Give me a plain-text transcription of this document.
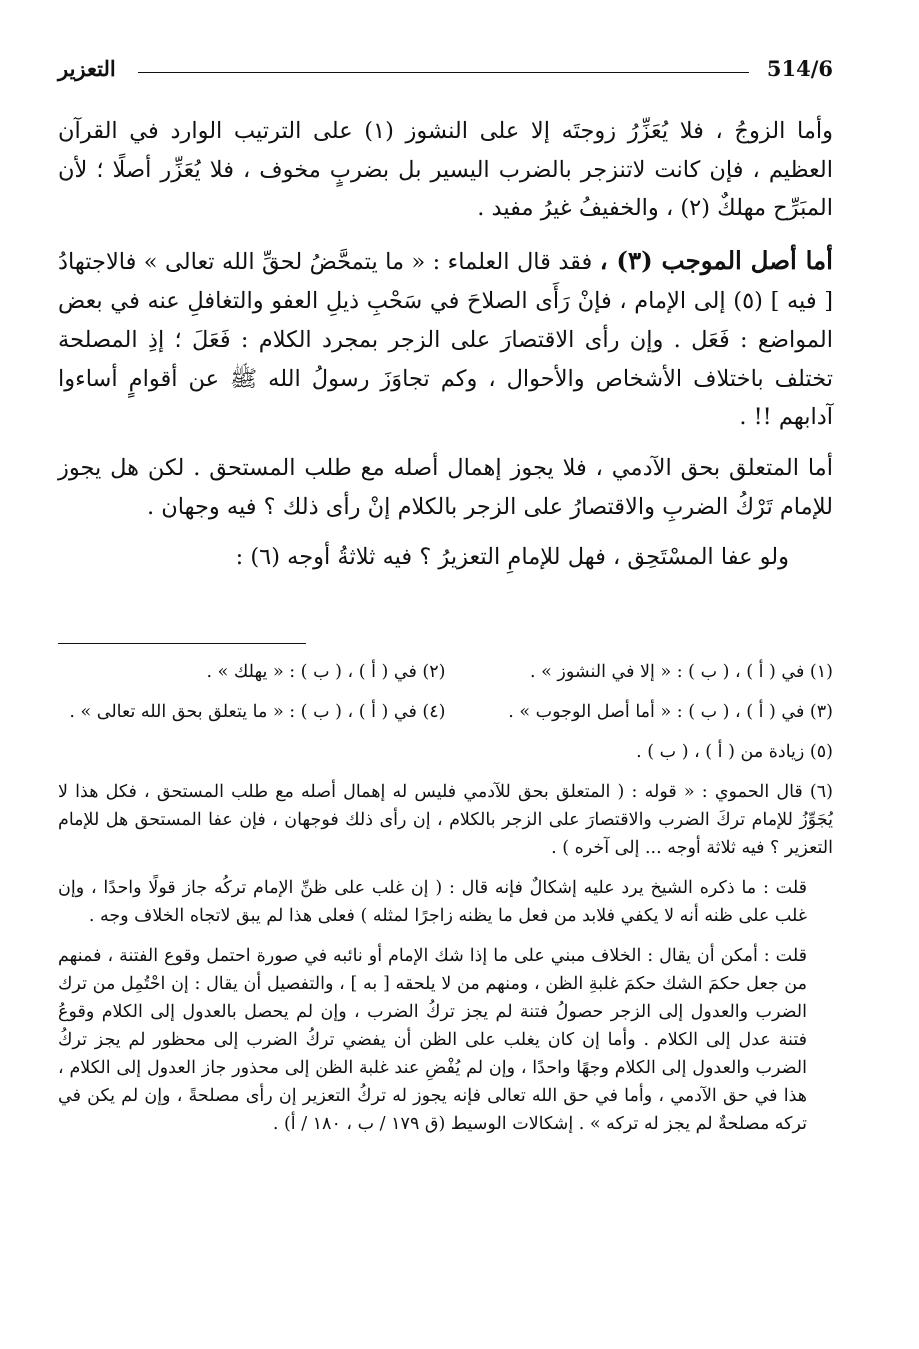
514/6
التعزير

وأما الزوجُ ، فلا يُعَزِّرُ زوجتَه إلا على النشوز (١) على الترتيب الوارد في القرآن العظيم ، فإن كانت لاتنزجر بالضرب اليسير بل بضربٍ مخوف ، فلا يُعَزِّر أصلًا ؛ لأن المبَرِّح مهلكٌ (٢) ، والخفيفُ غيرُ مفيد .

أما أصل الموجب (٣) ، فقد قال العلماء : « ما يتمحَّضُ لحقِّ الله تعالى » فالاجتهادُ [ فيه ] (٥) إلى الإمام ، فإنْ رَأَى الصلاحَ في سَحْبِ ذيلِ العفو والتغافلِ عنه في بعض المواضع : فَعَل . وإن رأى الاقتصارَ على الزجر بمجرد الكلام : فَعَلَ ؛ إذِ المصلحة تختلف باختلاف الأشخاص والأحوال ، وكم تجاوَزَ رسولُ الله ﷺ عن أقوامٍ أساءوا آدابهم !! .

أما المتعلق بحق الآدمي ، فلا يجوز إهمال أصله مع طلب المستحق . لكن هل يجوز للإمام تَرْكُ الضربِ والاقتصارُ على الزجر بالكلام إنْ رأى ذلك ؟ فيه وجهان .

ولو عفا المسْتَحِق ، فهل للإمامِ التعزيرُ ؟ فيه ثلاثةُ أوجه (٦) :

(١) في ( أ ) ، ( ب ) : « إلا في النشوز » .
(٢) في ( أ ) ، ( ب ) : « يهلك » .
(٣) في ( أ ) ، ( ب ) : « أما أصل الوجوب » .
(٤) في ( أ ) ، ( ب ) : « ما يتعلق بحق الله تعالى » .

(٥) زيادة من ( أ ) ، ( ب ) .

(٦) قال الحموي : « قوله : ( المتعلق بحق للآدمي فليس له إهمال أصله مع طلب المستحق ، فكل هذا لا يُجَوِّزُ للإمام تركَ الضرب والاقتصارَ على الزجر بالكلام ، إن رأى ذلك فوجهان ، فإن عفا المستحق هل للإمام التعزير ؟ فيه ثلاثة أوجه ... إلى آخره ) .

قلت : ما ذكره الشيخ يرد عليه إشكالٌ فإنه قال : ( إن غلب على ظنِّ الإمام تركُه جاز قولًا واحدًا ، وإن غلب على ظنه أنه لا يكفي فلابد من فعل ما يظنه زاجرًا لمثله ) فعلى هذا لم يبق لاتجاه الخلاف وجه .

قلت : أمكن أن يقال : الخلاف مبني على ما إذا شك الإمام أو نائبه في صورة احتمل وقوع الفتنة ، فمنهم من جعل حكمَ الشك حكمَ غلبةِ الظن ، ومنهم من لا يلحقه [ به ] ، والتفصيل أن يقال : إن احْتُمِل من ترك الضرب والعدول إلى الزجر حصولُ فتنة لم يجز تركُ الضرب ، وإن لم يحصل بالعدول إلى الكلام وقوعُ فتنة عدل إلى الكلام . وأما إن كان يغلب على الظن أن يفضي تركُ الضرب إلى محظور لم يجز تركُ الضرب والعدول إلى الكلام وجهًا واحدًا ، وإن لم يُفْضِ عند غلبة الظن إلى محذور جاز العدول إلى الكلام ، هذا في حق الآدمي ، وأما في حق الله تعالى فإنه يجوز له تركُ التعزير إن رأى مصلحةً ، وإن لم يكن في تركه مصلحةٌ لم يجز له تركه » . إشكالات الوسيط (ق ١٧٩ / ب ، ١٨٠ / أ) .
